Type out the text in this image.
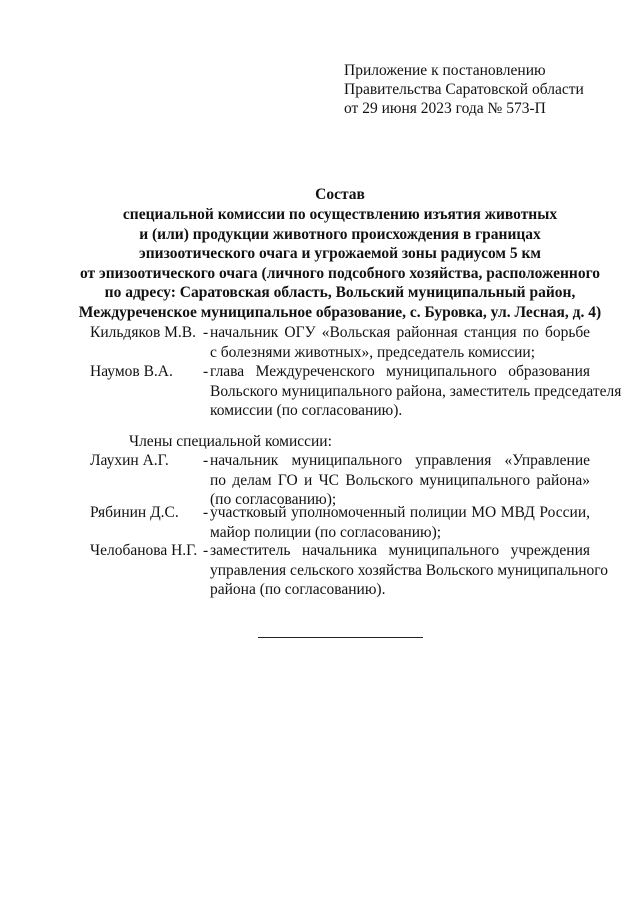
Приложение к постановлению
Правительства Саратовской области
от 29 июня 2023 года № 573-П
Состав
специальной комиссии по осуществлению изъятия животных
и (или) продукции животного происхождения в границах
эпизоотического очага и угрожаемой зоны радиусом 5 км
от эпизоотического очага (личного подсобного хозяйства, расположенного
по адресу: Саратовская область, Вольский муниципальный район,
Междуреченское муниципальное образование, с. Буровка, ул. Лесная, д. 4)
Кильдяков М.В. - начальник ОГУ «Вольская районная станция по борьбе
с болезнями животных», председатель комиссии;
Наумов В.А. - глава Междуреченского муниципального образования
Вольского муниципального района, заместитель председателя
комиссии (по согласованию).
Члены специальной комиссии:
Лаухин А.Г. - начальник муниципального управления «Управление
по делам ГО и ЧС Вольского муниципального района»
(по согласованию);
Рябинин Д.С. - участковый уполномоченный полиции МО МВД России,
майор полиции (по согласованию);
Челобанова Н.Г. - заместитель начальника муниципального учреждения
управления сельского хозяйства Вольского муниципального
района (по согласованию).
